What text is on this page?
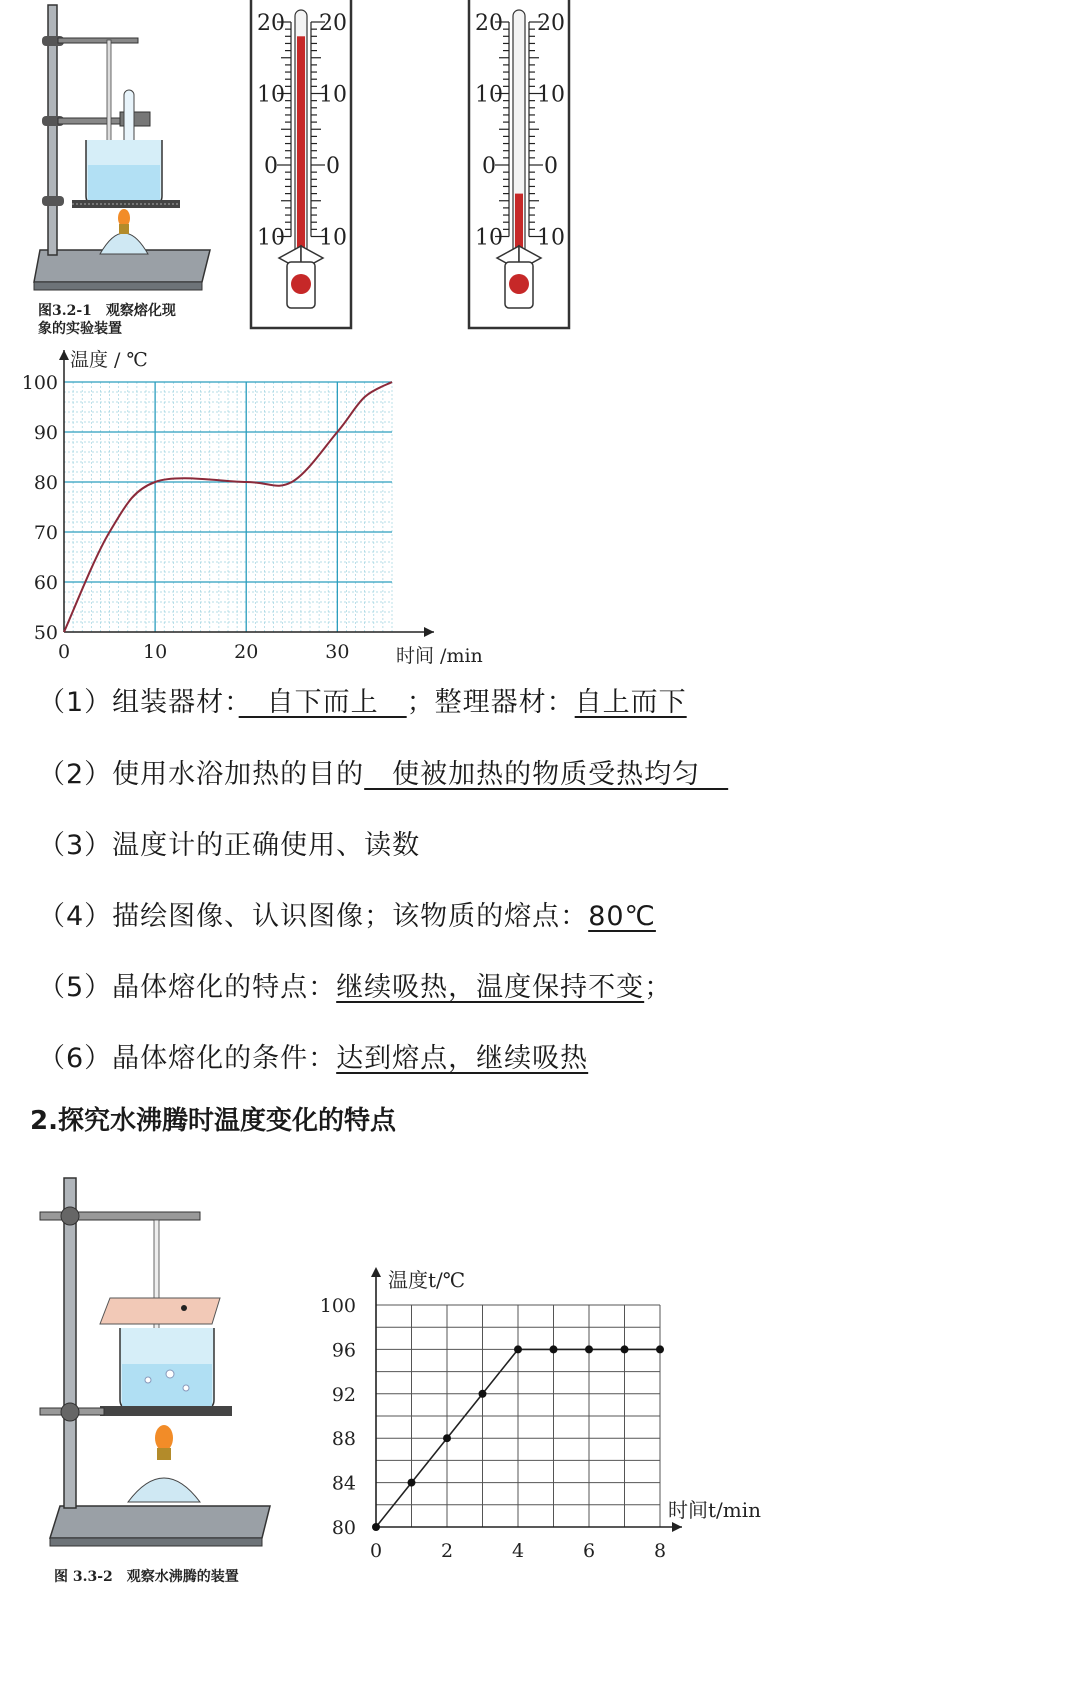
图3.2-1　观察熔化现
象的实验装置
20 20
10 10
0 0
10 10
20 20
10 10
0 0
10 10
50
60
70
80
90
100
0	10	20	30
温度 / ℃
时间 /min
（1）组装器材：　自下而上　；整理器材：自上而下
（2）使用水浴加热的目的　使被加热的物质受热均匀　
（3）温度计的正确使用、读数
（4）描绘图像、认识图像；该物质的熔点：80℃
（5）晶体熔化的特点：继续吸热，温度保持不变；
（6）晶体熔化的条件：达到熔点，继续吸热
2.探究水沸腾时温度变化的特点
图 3.3-2　观察水沸腾的装置
80
84
88
92
96
100
0	2	4	6	8
温度t/℃
时间t/min
